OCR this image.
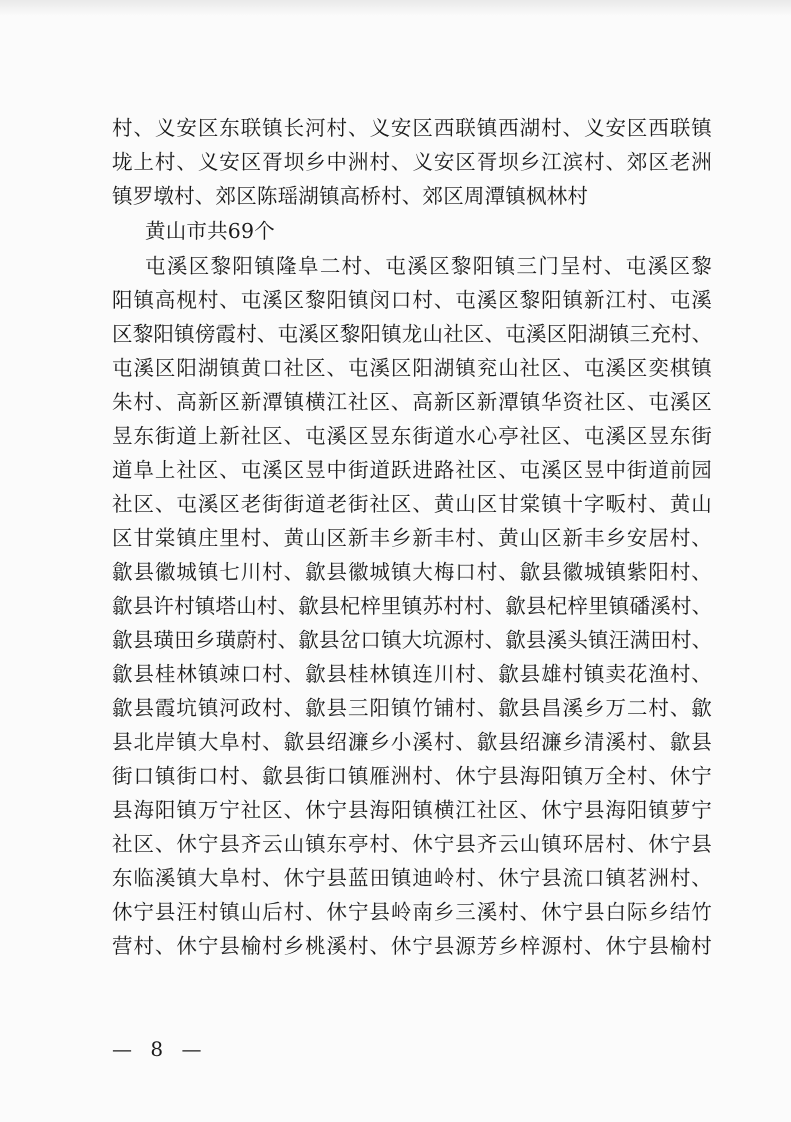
村、义安区东联镇长河村、义安区西联镇西湖村、义安区西联镇
垅上村、义安区胥坝乡中洲村、义安区胥坝乡江滨村、郊区老洲
镇罗墩村、郊区陈瑶湖镇高桥村、郊区周潭镇枫林村
黄山市共69个
屯溪区黎阳镇隆阜二村、屯溪区黎阳镇三门呈村、屯溪区黎
阳镇高枧村、屯溪区黎阳镇闵口村、屯溪区黎阳镇新江村、屯溪
区黎阳镇傍霞村、屯溪区黎阳镇龙山社区、屯溪区阳湖镇三充村、
屯溪区阳湖镇黄口社区、屯溪区阳湖镇兖山社区、屯溪区奕棋镇
朱村、高新区新潭镇横江社区、高新区新潭镇华资社区、屯溪区
昱东街道上新社区、屯溪区昱东街道水心亭社区、屯溪区昱东街
道阜上社区、屯溪区昱中街道跃进路社区、屯溪区昱中街道前园
社区、屯溪区老街街道老街社区、黄山区甘棠镇十字畈村、黄山
区甘棠镇庄里村、黄山区新丰乡新丰村、黄山区新丰乡安居村、
歙县徽城镇七川村、歙县徽城镇大梅口村、歙县徽城镇紫阳村、
歙县许村镇塔山村、歙县杞梓里镇苏村村、歙县杞梓里镇磻溪村、
歙县璜田乡璜蔚村、歙县岔口镇大坑源村、歙县溪头镇汪满田村、
歙县桂林镇竦口村、歙县桂林镇连川村、歙县雄村镇卖花渔村、
歙县霞坑镇河政村、歙县三阳镇竹铺村、歙县昌溪乡万二村、歙
县北岸镇大阜村、歙县绍濂乡小溪村、歙县绍濂乡清溪村、歙县
街口镇街口村、歙县街口镇雁洲村、休宁县海阳镇万全村、休宁
县海阳镇万宁社区、休宁县海阳镇横江社区、休宁县海阳镇萝宁
社区、休宁县齐云山镇东亭村、休宁县齐云山镇环居村、休宁县
东临溪镇大阜村、休宁县蓝田镇迪岭村、休宁县流口镇茗洲村、
休宁县汪村镇山后村、休宁县岭南乡三溪村、休宁县白际乡结竹
营村、休宁县榆村乡桃溪村、休宁县源芳乡梓源村、休宁县榆村
— 8 —
